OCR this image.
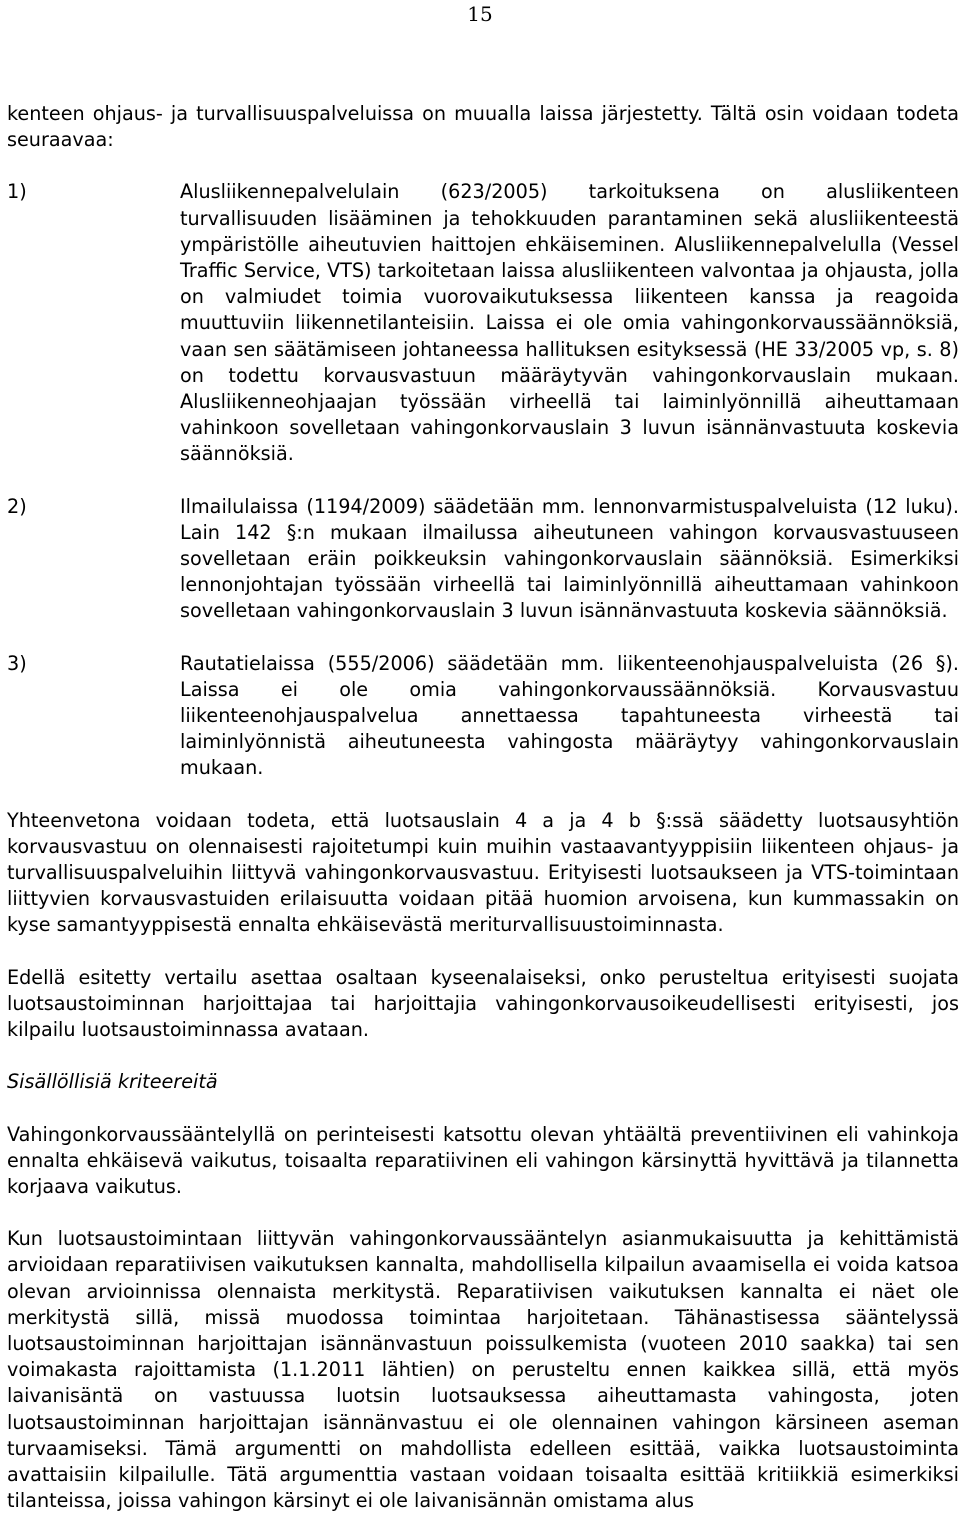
15

kenteen ohjaus- ja turvallisuuspalveluissa on muualla laissa järjestetty. Tältä osin voidaan todeta seuraavaa:

1)	Alusliikennepalvelulain (623/2005) tarkoituksena on alusliikenteen turvallisuuden lisääminen ja tehokkuuden parantaminen sekä alusliikenteestä ympäristölle aiheutuvien haittojen ehkäiseminen. Alusliikennepalvelulla (Vessel Traffic Service, VTS) tarkoitetaan laissa alusliikenteen valvontaa ja ohjausta, jolla on valmiudet toimia vuorovaikutuksessa liikenteen kanssa ja reagoida muuttuviin liikennetilanteisiin. Laissa ei ole omia vahingonkorvaussäännöksiä, vaan sen säätämiseen johtaneessa hallituksen esityksessä (HE 33/2005 vp, s. 8) on todettu korvausvastuun määräytyvän vahingonkorvauslain mukaan. Alusliikenneohjaajan työssään virheellä tai laiminlyönnillä aiheuttamaan vahinkoon sovelletaan vahingonkorvauslain 3 luvun isännänvastuuta koskevia säännöksiä.
2)	Ilmailulaissa (1194/2009) säädetään mm. lennonvarmistuspalveluista (12 luku). Lain 142 §:n mukaan ilmailussa aiheutuneen vahingon korvausvastuuseen sovelletaan eräin poikkeuksin vahingonkorvauslain säännöksiä. Esimerkiksi lennonjohtajan työssään virheellä tai laiminlyönnillä aiheuttamaan vahinkoon sovelletaan vahingonkorvauslain 3 luvun isännänvastuuta koskevia säännöksiä.
3)	Rautatielaissa (555/2006) säädetään mm. liikenteenohjauspalveluista (26 §). Laissa ei ole omia vahingonkorvaussäännöksiä. Korvausvastuu liikenteenohjauspalvelua annettaessa tapahtuneesta virheestä tai laiminlyönnistä aiheutuneesta vahingosta määräytyy vahingonkorvauslain mukaan.

Yhteenvetona voidaan todeta, että luotsauslain 4 a ja 4 b §:ssä säädetty luotsausyhtiön korvausvastuu on olennaisesti rajoitetumpi kuin muihin vastaavantyyppisiin liikenteen ohjaus- ja turvallisuuspalveluihin liittyvä vahingonkorvausvastuu. Erityisesti luotsaukseen ja VTS-toimintaan liittyvien korvausvastuiden erilaisuutta voidaan pitää huomion arvoisena, kun kummassakin on kyse samantyyppisestä ennalta ehkäisevästä meriturvallisuustoiminnasta.

Edellä esitetty vertailu asettaa osaltaan kyseenalaiseksi, onko perusteltua erityisesti suojata luotsaustoiminnan harjoittajaa tai harjoittajia vahingonkorvausoikeudellisesti erityisesti, jos kilpailu luotsaustoiminnassa avataan.

Sisällöllisiä kriteereitä

Vahingonkorvaussääntelyllä on perinteisesti katsottu olevan yhtäältä preventiivinen eli vahinkoja ennalta ehkäisevä vaikutus, toisaalta reparatiivinen eli vahingon kärsinyttä hyvittävä ja tilannetta korjaava vaikutus.

Kun luotsaustoimintaan liittyvän vahingonkorvaussääntelyn asianmukaisuutta ja kehittämistä arvioidaan reparatiivisen vaikutuksen kannalta, mahdollisella kilpailun avaamisella ei voida katsoa olevan arvioinnissa olennaista merkitystä. Reparatiivisen vaikutuksen kannalta ei näet ole merkitystä sillä, missä muodossa toimintaa harjoitetaan. Tähänastisessa sääntelyssä luotsaustoiminnan harjoittajan isännänvastuun poissulkemista (vuoteen 2010 saakka) tai sen voimakasta rajoittamista (1.1.2011 lähtien) on perusteltu ennen kaikkea sillä, että myös laivanisäntä on vastuussa luotsin luotsauksessa aiheuttamasta vahingosta, joten luotsaustoiminnan harjoittajan isännänvastuu ei ole olennainen vahingon kärsineen aseman turvaamiseksi. Tämä argumentti on mahdollista edelleen esittää, vaikka luotsaustoiminta avattaisiin kilpailulle. Tätä argumenttia vastaan voidaan toisaalta esittää kritiikkiä esimerkiksi tilanteissa, joissa vahingon kärsinyt ei ole laivanisännän omistama alus
